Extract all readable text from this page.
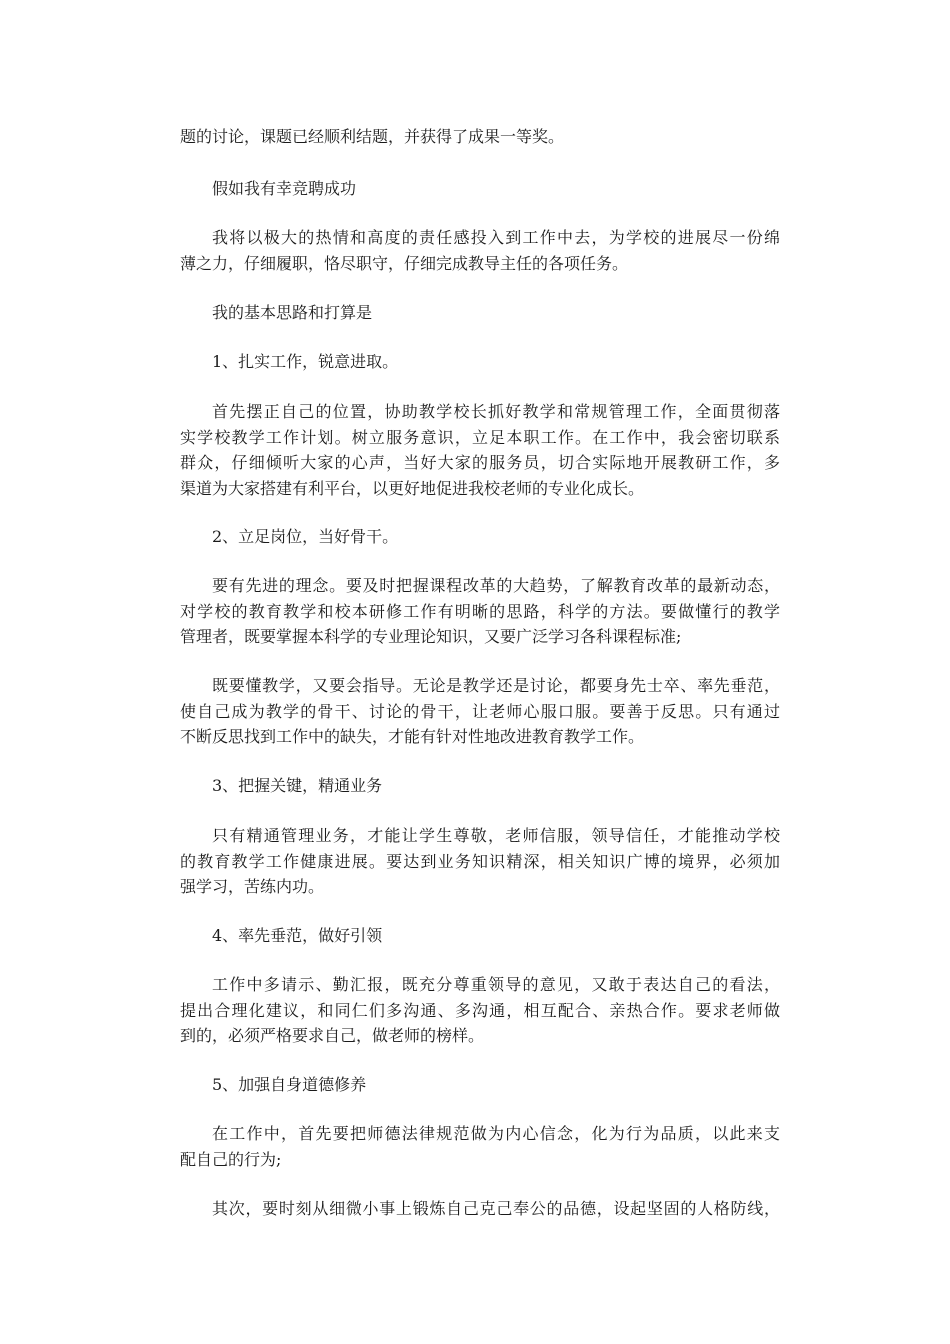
题的讨论，课题已经顺利结题，并获得了成果一等奖。
假如我有幸竞聘成功
我将以极大的热情和高度的责任感投入到工作中去，为学校的进展尽一份绵
薄之力，仔细履职，恪尽职守，仔细完成教导主任的各项任务。
我的基本思路和打算是
1、扎实工作，锐意进取。
首先摆正自己的位置，协助教学校长抓好教学和常规管理工作，全面贯彻落
实学校教学工作计划。树立服务意识，立足本职工作。在工作中，我会密切联系
群众，仔细倾听大家的心声，当好大家的服务员，切合实际地开展教研工作，多
渠道为大家搭建有利平台，以更好地促进我校老师的专业化成长。
2、立足岗位，当好骨干。
要有先进的理念。要及时把握课程改革的大趋势，了解教育改革的最新动态，
对学校的教育教学和校本研修工作有明晰的思路，科学的方法。要做懂行的教学
管理者，既要掌握本科学的专业理论知识，又要广泛学习各科课程标准;
既要懂教学，又要会指导。无论是教学还是讨论，都要身先士卒、率先垂范，
使自己成为教学的骨干、讨论的骨干，让老师心服口服。要善于反思。只有通过
不断反思找到工作中的缺失，才能有针对性地改进教育教学工作。
3、把握关键，精通业务
只有精通管理业务，才能让学生尊敬，老师信服，领导信任，才能推动学校
的教育教学工作健康进展。要达到业务知识精深，相关知识广博的境界，必须加
强学习，苦练内功。
4、率先垂范，做好引领
工作中多请示、勤汇报，既充分尊重领导的意见，又敢于表达自己的看法，
提出合理化建议，和同仁们多沟通、多沟通，相互配合、亲热合作。要求老师做
到的，必须严格要求自己，做老师的榜样。
5、加强自身道德修养
在工作中，首先要把师德法律规范做为内心信念，化为行为品质，以此来支
配自己的行为;
其次，要时刻从细微小事上锻炼自己克己奉公的品德，设起坚固的人格防线，
